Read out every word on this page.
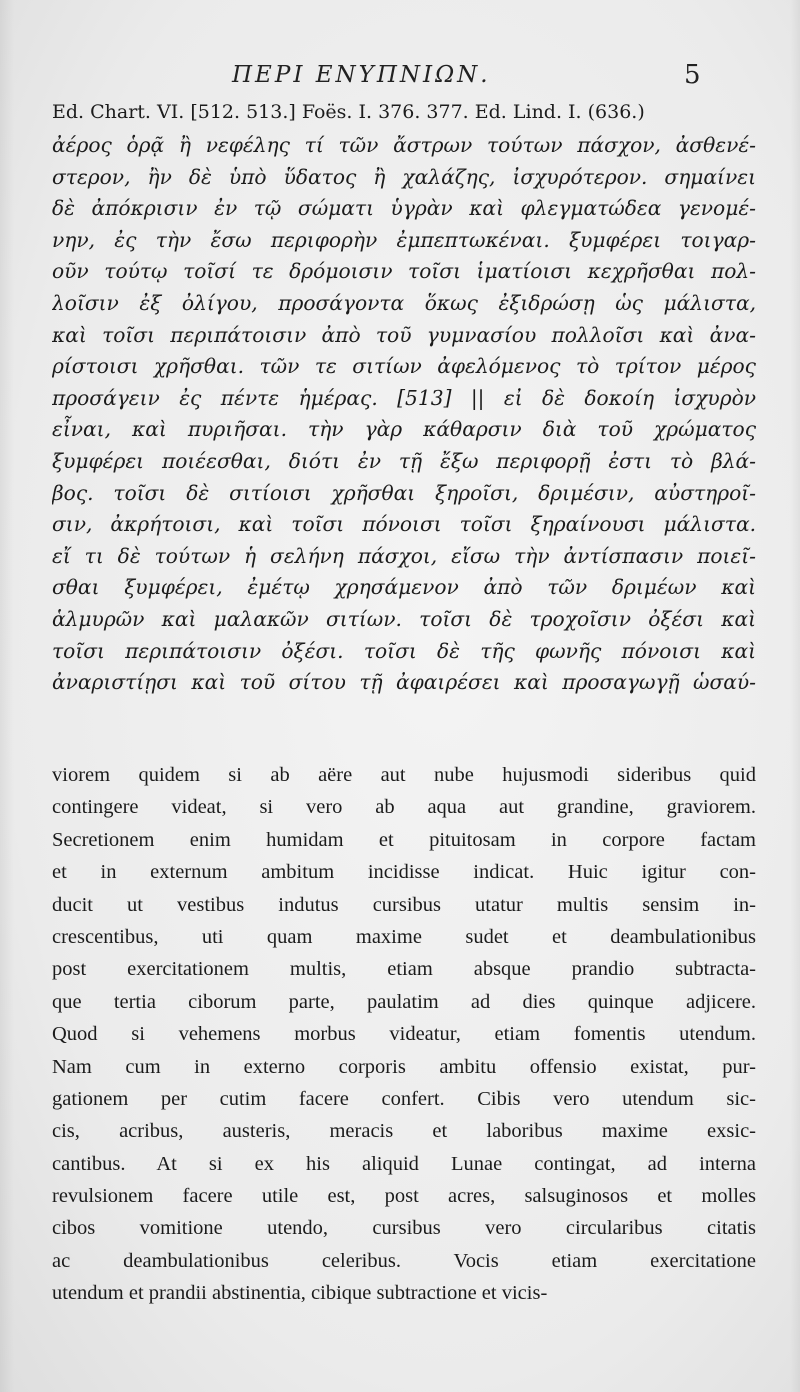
ΠΕΡΙ ΕΝΥΠΝΙΩΝ.	5
Ed. Chart. VI. [512. 513.] Foës. I. 376. 377. Ed. Lind. I. (636.)
ἀέρος ὁρᾷ ἢ νεφέλης τί τῶν ἄστρων τούτων πάσχον, ἀσθενέ-
στερον, ἢν δὲ ὑπὸ ὕδατος ἢ χαλάζης, ἰσχυρότερον. σημαίνει
δὲ ἀπόκρισιν ἐν τῷ σώματι ὑγρὰν καὶ φλεγματώδεα γενομέ-
νην, ἐς τὴν ἔσω περιφορὴν ἐμπεπτωκέναι. ξυμφέρει τοιγαρ-
οῦν τούτῳ τοῖσί τε δρόμοισιν τοῖσι ἱματίοισι κεχρῆσθαι πολ-
λοῖσιν ἐξ ὀλίγου, προσάγοντα ὅκως ἐξιδρώσῃ ὡς μάλιστα,
καὶ τοῖσι περιπάτοισιν ἀπὸ τοῦ γυμνασίου πολλοῖσι καὶ ἀνα-
ρίστοισι χρῆσθαι. τῶν τε σιτίων ἀφελόμενος τὸ τρίτον μέρος
προσάγειν ἐς πέντε ἡμέρας. [513] || εἰ δὲ δοκοίη ἰσχυρὸν
εἶναι, καὶ πυριῆσαι. τὴν γὰρ κάθαρσιν διὰ τοῦ χρώματος
ξυμφέρει ποιέεσθαι, διότι ἐν τῇ ἔξω περιφορῇ ἐστι τὸ βλά-
βος. τοῖσι δὲ σιτίοισι χρῆσθαι ξηροῖσι, δριμέσιν, αὐστηροῖ-
σιν, ἀκρήτοισι, καὶ τοῖσι πόνοισι τοῖσι ξηραίνουσι μάλιστα.
εἴ τι δὲ τούτων ἡ σελήνη πάσχοι, εἴσω τὴν ἀντίσπασιν ποιεῖ-
σθαι ξυμφέρει, ἐμέτῳ χρησάμενον ἀπὸ τῶν δριμέων καὶ
ἁλμυρῶν καὶ μαλακῶν σιτίων. τοῖσι δὲ τροχοῖσιν ὀξέσι καὶ
τοῖσι περιπάτοισιν ὀξέσι. τοῖσι δὲ τῆς φωνῆς πόνοισι καὶ
ἀναριστίῃσι καὶ τοῦ σίτου τῇ ἀφαιρέσει καὶ προσαγωγῇ ὡσαύ-
viorem quidem si ab aëre aut nube hujusmodi sideribus quid
contingere videat, si vero ab aqua aut grandine, graviorem.
Secretionem enim humidam et pituitosam in corpore factam
et in externum ambitum incidisse indicat. Huic igitur con-
ducit ut vestibus indutus cursibus utatur multis sensim in-
crescentibus, uti quam maxime sudet et deambulationibus
post exercitationem multis, etiam absque prandio subtracta-
que tertia ciborum parte, paulatim ad dies quinque adjicere.
Quod si vehemens morbus videatur, etiam fomentis utendum.
Nam cum in externo corporis ambitu offensio existat, pur-
gationem per cutim facere confert. Cibis vero utendum sic-
cis, acribus, austeris, meracis et laboribus maxime exsic-
cantibus. At si ex his aliquid Lunae contingat, ad interna
revulsionem facere utile est, post acres, salsuginosos et molles
cibos vomitione utendo, cursibus vero circularibus citatis
ac deambulationibus celeribus. Vocis etiam exercitatione
utendum et prandii abstinentia, cibique subtractione et vicis-
